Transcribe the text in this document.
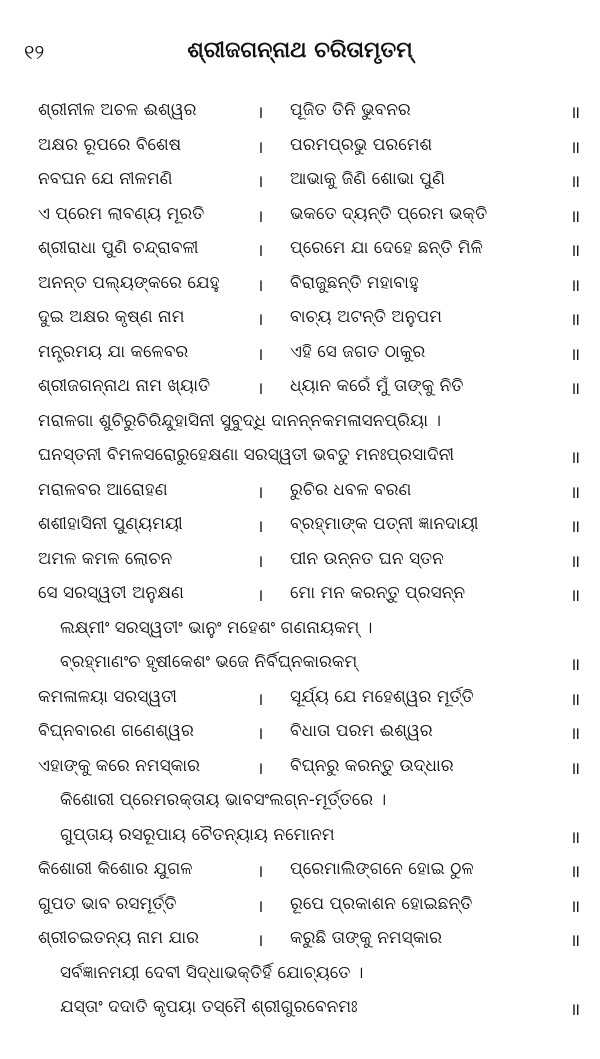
୧୨	ଶ୍ରୀଜଗନ୍ନାଥ ଚରିତାମୃତମ୍
ଶ୍ରୀନୀଳ ଅଚଳ ଈଶ୍ୱର	। ପୂଜିତ ତିନି ଭୁବନର	॥
ଅକ୍ଷର ରୂପରେ ବିଶେଷ	। ପରମପ୍ରଭୁ ପରମେଶ	॥
ନବଘନ ଯେ ନୀଳମଣି	। ଆଭାକୁ ଜିଣି ଶୋଭା ପୁଣି	॥
ଏ ପ୍ରେମ ଲାବଣ୍ୟ ମୂରତି	। ଭକତେ ଦ୍ୟନ୍ତି ପ୍ରେମ ଭକ୍ତି	॥
ଶ୍ରୀରାଧା ପୁଣି ଚନ୍ଦ୍ରାବଳୀ	। ପ୍ରେମେ ଯା ଦେହେ ଛନ୍ତି ମିଳି	॥
ଅନନ୍ତ ପଲ୍ୟଙ୍କରେ ଯେହୁ । ବିରାଜୁଛନ୍ତି ମହାବାହୁ	॥
ଦୁଇ ଅକ୍ଷର କୃଷ୍ଣ ନାମ	। ବାଚ୍ୟ ଅଟନ୍ତି ଅନୁପମ	॥
ମନ୍ତ୍ରମୟ ଯା କଳେବର	। ଏହି ସେ ଜଗତ ଠାକୁର	॥
ଶ୍ରୀଜଗନ୍ନାଥ ନାମ ଖ୍ୟାତି	। ଧ୍ୟାନ କରେଁ ମୁଁ ତାଙ୍କୁ ନିତି	॥
ମରାଳଗା ଶୁଚିରୁଚିରିନ୍ଦୁହାସିନୀ ସୁବୁଦ୍ଧି ଦାନନ୍ନକମଳାସନପ୍ରିୟା ।
ଘନସ୍ତନୀ ବିମଳସରୋରୁହେକ୍ଷଣା ସରସ୍ୱତୀ ଭବତୁ ମନଃପ୍ରସାଦିନୀ	॥
ମରାଳବର ଆରୋହଣ	। ରୁଚିର ଧବଳ ବରଣ	॥
ଶଶୀହାସିନୀ ପୁଣ୍ୟମୟୀ	। ବ୍ରହ୍ମାଙ୍କ ପତ୍ନୀ ଜ୍ଞାନଦାୟୀ	॥
ଅମଳ କମଳ ଲୋଚନ	। ପୀନ ଉନ୍ନତ ଘନ ସ୍ତନ	॥
ସେ ସରସ୍ୱତୀ ଅନୁକ୍ଷଣ	। ମୋ ମନ କରନ୍ତୁ ପ୍ରସନ୍ନ	॥
ଲକ୍ଷ୍ମୀଂ ସରସ୍ୱତୀଂ ଭାନୁଂ ମହେଶଂ ଗଣନାୟକମ୍ ।
ବ୍ରହ୍ମାଣଂଚ ହୃଷୀକେଶଂ ଭଜେ ନିର୍ବିଘ୍ନକାରକମ୍	॥
କମଳାଳୟା ସରସ୍ୱତୀ	। ସୂର୍ଯ୍ୟ ଯେ ମହେଶ୍ୱର ମୂର୍ତ୍ତି	॥
ବିଘ୍ନବାରଣ ଗଣେଶ୍ୱର	। ବିଧାତା ପରମ ଈଶ୍ୱର	॥
ଏହାଙ୍କୁ କରେ ନମସ୍କାର	। ବିଘ୍ନରୁ କରନ୍ତୁ ଉଦ୍ଧାର	॥
କିଶୋରୀ ପ୍ରେମରକ୍ତାୟ ଭାବସଂଲଗ୍ନ-ମୂର୍ତ୍ତରେ ।
ଗୁପ୍ତାୟ ରସରୂପାୟ ଚୈତନ୍ୟାୟ ନମୋନମ	॥
କିଶୋରୀ କିଶୋର ଯୁଗଳ	। ପ୍ରେମାଲିଙ୍ଗନେ ହୋଇ ଠୁଳ	॥
ଗୁପତ ଭାବ ରସମୂର୍ତ୍ତି	। ରୂପେ ପ୍ରକାଶନ ହୋଇଛନ୍ତି	॥
ଶ୍ରୀଚଇତନ୍ୟ ନାମ ଯାର	। କରୁଛି ତାଙ୍କୁ ନମସ୍କାର	॥
ସର୍ବଜ୍ଞାନମୟୀ ଦେବୀ ସିଦ୍ଧାଭକ୍ତିର୍ହି ଯୋଚ୍ୟତେ ।
ଯସ୍ତାଂ ଦଦାତି କୃପୟା ତସ୍ମୈ ଶ୍ରୀଗୁରବେନମଃ	॥
